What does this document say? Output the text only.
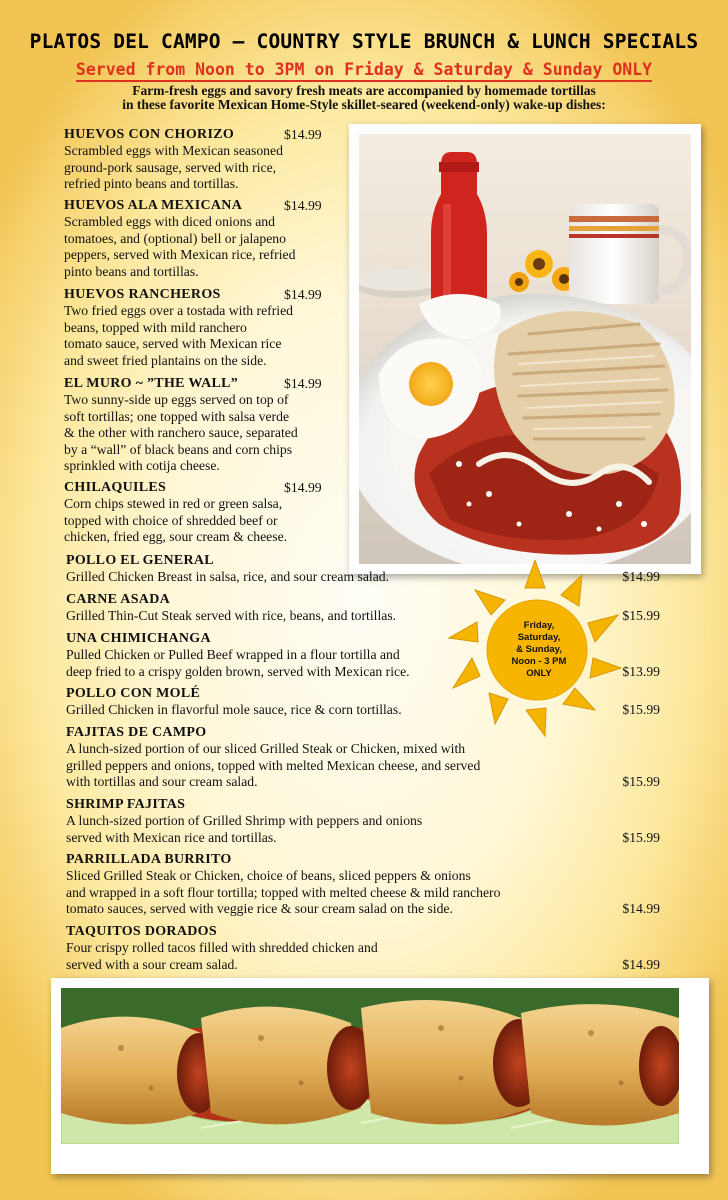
PLATOS DEL CAMPO – COUNTRY STYLE BRUNCH & LUNCH SPECIALS
Served from Noon to 3PM on Friday & Saturday & Sunday ONLY
Farm-fresh eggs and savory fresh meats are accompanied by homemade tortillas
in these favorite Mexican Home-Style skillet-seared (weekend-only) wake-up dishes:
HUEVOS CON CHORIZO	$14.99
Scrambled eggs with Mexican seasoned
ground-pork sausage, served with rice,
refried pinto beans and tortillas.
HUEVOS ALA MEXICANA	$14.99
Scrambled eggs with diced onions and
tomatoes, and (optional) bell or jalapeno
peppers, served with Mexican rice, refried
pinto beans and tortillas.
HUEVOS RANCHEROS	$14.99
Two fried eggs over a tostada with refried
beans, topped with mild ranchero
tomato sauce, served with Mexican rice
and sweet fried plantains on the side.
EL MURO ~ ”THE WALL”	$14.99
Two sunny-side up eggs served on top of
soft tortillas; one topped with salsa verde
& the other with ranchero sauce, separated
by a “wall” of black beans and corn chips
sprinkled with cotija cheese.
CHILAQUILES	$14.99
Corn chips stewed in red or green salsa,
topped with choice of shredded beef or
chicken, fried egg, sour cream & cheese.
POLLO EL GENERAL
Grilled Chicken Breast in salsa, rice, and sour cream salad.	$14.99
CARNE ASADA
Grilled Thin-Cut Steak served with rice, beans, and tortillas.	$15.99
UNA CHIMICHANGA
Pulled Chicken or Pulled Beef wrapped in a flour tortilla and
deep fried to a crispy golden brown, served with Mexican rice.	$13.99
POLLO CON MOLÉ
Grilled Chicken in flavorful mole sauce, rice & corn tortillas.	$15.99
FAJITAS DE CAMPO
A lunch-sized portion of our sliced Grilled Steak or Chicken, mixed with
grilled peppers and onions, topped with melted Mexican cheese, and served
with tortillas and sour cream salad.	$15.99
SHRIMP FAJITAS
A lunch-sized portion of Grilled Shrimp with peppers and onions
served with Mexican rice and tortillas.	$15.99
PARRILLADA BURRITO
Sliced Grilled Steak or Chicken, choice of beans, sliced peppers & onions
and wrapped in a soft flour tortilla; topped with melted cheese & mild ranchero
tomato sauces, served with veggie rice & sour cream salad on the side.	$14.99
TAQUITOS DORADOS
Four crispy rolled tacos filled with shredded chicken and
served with a sour cream salad.	$14.99
Friday,
Saturday,
& Sunday,
Noon - 3 PM
ONLY
